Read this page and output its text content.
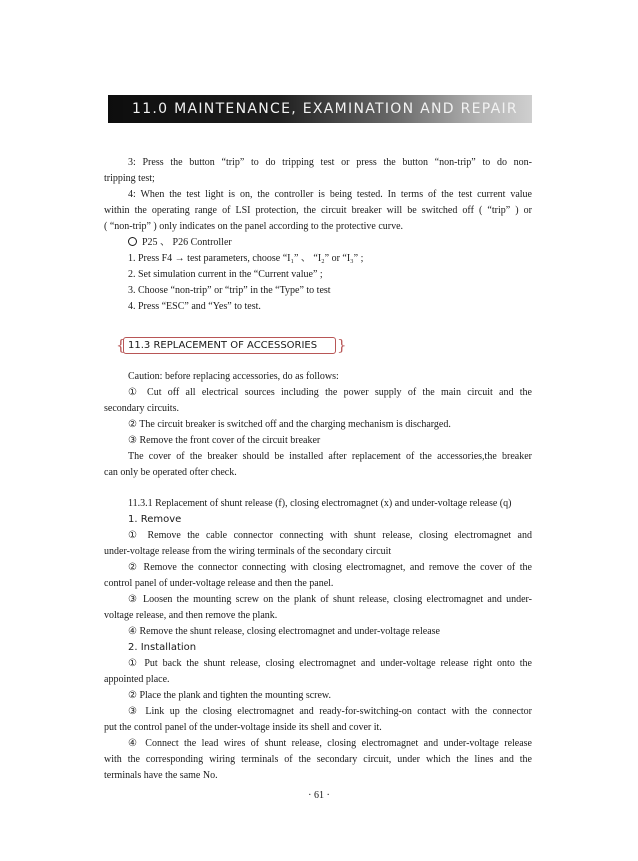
11.0 MAINTENANCE, EXAMINATION AND REPAIR
3: Press the button “trip” to do tripping test or press the button “non-trip” to do non-
tripping test;
4: When the test light is on, the controller is being tested. In terms of the test current value
within the operating range of LSI protection, the circuit breaker will be switched off ( “trip” ) or
( “non-trip” ) only indicates on the panel according to the protective curve.
P25 、 P26 Controller
1. Press F4 → test parameters, choose “I₁” 、 “I₂” or “I₃” ;
2. Set simulation current in the “Current value” ;
3. Choose “non-trip” or “trip” in the “Type” to test
4. Press “ESC” and “Yes” to test.
{ 11.3 REPLACEMENT OF ACCESSORIES }
Caution: before replacing accessories, do as follows:
① Cut off all electrical sources including the power supply of the main circuit and the
secondary circuits.
② The circuit breaker is switched off and the charging mechanism is discharged.
③ Remove the front cover of the circuit breaker
The cover of the breaker should be installed after replacement of the accessories,the breaker
can only be operated ofter check.
11.3.1 Replacement of shunt release (f), closing electromagnet (x) and under-voltage release (q)
1. Remove
① Remove the cable connector connecting with shunt release, closing electromagnet and
under-voltage release from the wiring terminals of the secondary circuit
② Remove the connector connecting with closing electromagnet, and remove the cover of the
control panel of under-voltage release and then the panel.
③ Loosen the mounting screw on the plank of shunt release, closing electromagnet and under-
voltage release, and then remove the plank.
④ Remove the shunt release, closing electromagnet and under-voltage release
2. Installation
① Put back the shunt release, closing electromagnet and under-voltage release right onto the
appointed place.
② Place the plank and tighten the mounting screw.
③ Link up the closing electromagnet and ready-for-switching-on contact with the connector
put the control panel of the under-voltage inside its shell and cover it.
④ Connect the lead wires of shunt release, closing electromagnet and under-voltage release
with the corresponding wiring terminals of the secondary circuit, under which the lines and the
terminals have the same No.
· 61 ·
